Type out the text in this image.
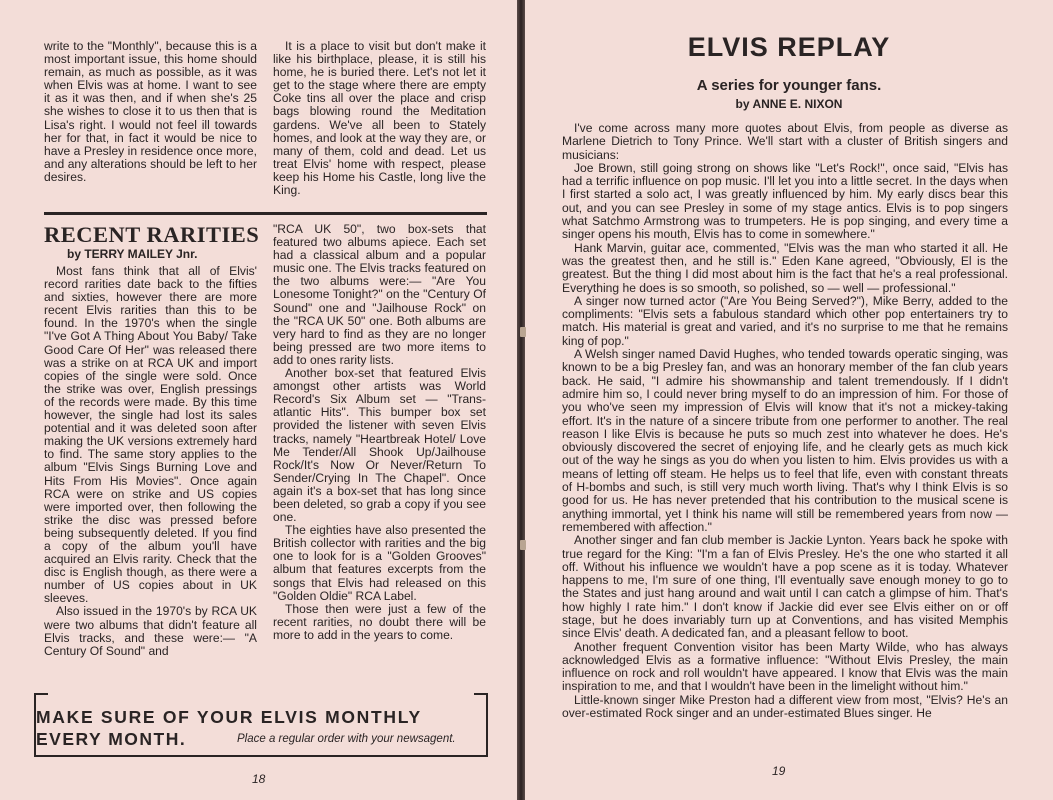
write to the "Monthly", because this is a most important issue, this home should remain, as much as possible, as it was when Elvis was at home. I want to see it as it was then, and if when she's 25 she wishes to close it to us then that is Lisa's right. I would not feel ill towards her for that, in fact it would be nice to have a Presley in residence once more, and any alterations should be left to her desires.

It is a place to visit but don't make it like his birthplace, please, it is still his home, he is buried there. Let's not let it get to the stage where there are empty Coke tins all over the place and crisp bags blowing round the Meditation gardens. We've all been to Stately homes, and look at the way they are, or many of them, cold and dead. Let us treat Elvis' home with respect, please keep his Home his Castle, long live the King.

RECENT RARITIES
by TERRY MAILEY Jnr.

Most fans think that all of Elvis' record rarities date back to the fifties and sixties, however there are more recent Elvis rarities than this to be found. In the 1970's when the single "I've Got A Thing About You Baby/ Take Good Care Of Her" was released there was a strike on at RCA UK and import copies of the single were sold. Once the strike was over, English pressings of the records were made. By this time however, the single had lost its sales potential and it was deleted soon after making the UK versions extremely hard to find. The same story applies to the album "Elvis Sings Burning Love and Hits From His Movies". Once again RCA were on strike and US copies were imported over, then following the strike the disc was pressed before being subsequently deleted. If you find a copy of the album you'll have acquired an Elvis rarity. Check that the disc is English though, as there were a number of US copies about in UK sleeves.

Also issued in the 1970's by RCA UK were two albums that didn't feature all Elvis tracks, and these were:— "A Century Of Sound" and

"RCA UK 50", two box-sets that featured two albums apiece. Each set had a classical album and a popular music one. The Elvis tracks featured on the two albums were:— "Are You Lonesome Tonight?" on the "Century Of Sound" one and "Jailhouse Rock" on the "RCA UK 50" one. Both albums are very hard to find as they are no longer being pressed are two more items to add to ones rarity lists.

Another box-set that featured Elvis amongst other artists was World Record's Six Album set — "Trans-atlantic Hits". This bumper box set provided the listener with seven Elvis tracks, namely "Heartbreak Hotel/ Love Me Tender/All Shook Up/Jailhouse Rock/It's Now Or Never/Return To Sender/Crying In The Chapel". Once again it's a box-set that has long since been deleted, so grab a copy if you see one.

The eighties have also presented the British collector with rarities and the big one to look for is a "Golden Grooves" album that features excerpts from the songs that Elvis had released on this "Golden Oldie" RCA Label.

Those then were just a few of the recent rarities, no doubt there will be more to add in the years to come.

MAKE SURE OF YOUR ELVIS MONTHLY
EVERY MONTH.	Place a regular order with your newsagent.
18
ELVIS REPLAY
A series for younger fans.
by ANNE E. NIXON

I've come across many more quotes about Elvis, from people as diverse as Marlene Dietrich to Tony Prince. We'll start with a cluster of British singers and musicians:

Joe Brown, still going strong on shows like "Let's Rock!", once said, "Elvis has had a terrific influence on pop music. I'll let you into a little secret. In the days when I first started a solo act, I was greatly influenced by him. My early discs bear this out, and you can see Presley in some of my stage antics. Elvis is to pop singers what Satchmo Armstrong was to trumpeters. He is pop singing, and every time a singer opens his mouth, Elvis has to come in somewhere."

Hank Marvin, guitar ace, commented, "Elvis was the man who started it all. He was the greatest then, and he still is." Eden Kane agreed, "Obviously, El is the greatest. But the thing I did most about him is the fact that he's a real professional. Everything he does is so smooth, so polished, so — well — professional."

A singer now turned actor ("Are You Being Served?"), Mike Berry, added to the compliments: "Elvis sets a fabulous standard which other pop entertainers try to match. His material is great and varied, and it's no surprise to me that he remains king of pop."

A Welsh singer named David Hughes, who tended towards operatic singing, was known to be a big Presley fan, and was an honorary member of the fan club years back. He said, "I admire his showmanship and talent tremendously. If I didn't admire him so, I could never bring myself to do an impression of him. For those of you who've seen my impression of Elvis will know that it's not a mickey-taking effort. It's in the nature of a sincere tribute from one performer to another. The real reason I like Elvis is because he puts so much zest into whatever he does. He's obviously discovered the secret of enjoying life, and he clearly gets as much kick out of the way he sings as you do when you listen to him. Elvis provides us with a means of letting off steam. He helps us to feel that life, even with constant threats of H-bombs and such, is still very much worth living. That's why I think Elvis is so good for us. He has never pretended that his contribution to the musical scene is anything immortal, yet I think his name will still be remembered years from now — remembered with affection."

Another singer and fan club member is Jackie Lynton. Years back he spoke with true regard for the King: "I'm a fan of Elvis Presley. He's the one who started it all off. Without his influence we wouldn't have a pop scene as it is today. Whatever happens to me, I'm sure of one thing, I'll eventually save enough money to go to the States and just hang around and wait until I can catch a glimpse of him. That's how highly I rate him." I don't know if Jackie did ever see Elvis either on or off stage, but he does invariably turn up at Conventions, and has visited Memphis since Elvis' death. A dedicated fan, and a pleasant fellow to boot.

Another frequent Convention visitor has been Marty Wilde, who has always acknowledged Elvis as a formative influence: "Without Elvis Presley, the main influence on rock and roll wouldn't have appeared. I know that Elvis was the main inspiration to me, and that I wouldn't have been in the limelight without him."

Little-known singer Mike Preston had a different view from most, "Elvis? He's an over-estimated Rock singer and an under-estimated Blues singer. He

19
